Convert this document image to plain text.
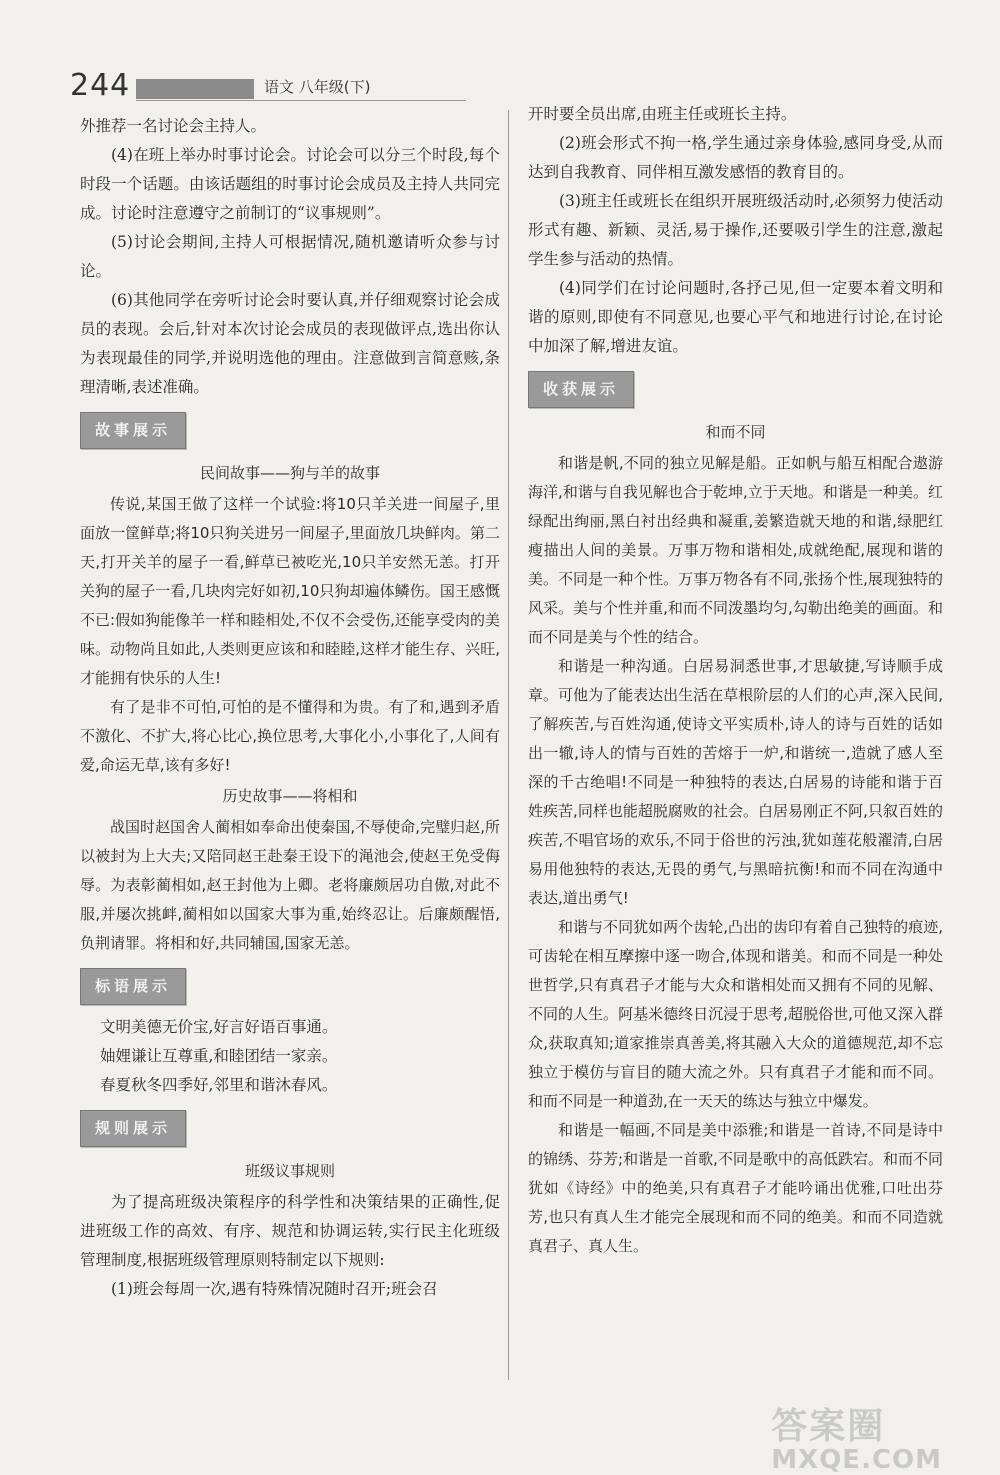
244	语文 八年级(下)

外推荐一名讨论会主持人。

(4)在班上举办时事讨论会。讨论会可以分三个时段,每个时段一个话题。由该话题组的时事讨论会成员及主持人共同完成。讨论时注意遵守之前制订的“议事规则”。

(5)讨论会期间,主持人可根据情况,随机邀请听众参与讨论。

(6)其他同学在旁听讨论会时要认真,并仔细观察讨论会成员的表现。会后,针对本次讨论会成员的表现做评点,选出你认为表现最佳的同学,并说明选他的理由。注意做到言简意赅,条理清晰,表述准确。

故事展示
民间故事——狗与羊的故事

传说,某国王做了这样一个试验:将10只羊关进一间屋子,里面放一筐鲜草;将10只狗关进另一间屋子,里面放几块鲜肉。第二天,打开关羊的屋子一看,鲜草已被吃光,10只羊安然无恙。打开关狗的屋子一看,几块肉完好如初,10只狗却遍体鳞伤。国王感慨不已:假如狗能像羊一样和睦相处,不仅不会受伤,还能享受肉的美味。动物尚且如此,人类则更应该和和睦睦,这样才能生存、兴旺,才能拥有快乐的人生!

有了是非不可怕,可怕的是不懂得和为贵。有了和,遇到矛盾不激化、不扩大,将心比心,换位思考,大事化小,小事化了,人间有爱,命运无草,该有多好!

历史故事——将相和

战国时赵国舍人蔺相如奉命出使秦国,不辱使命,完璧归赵,所以被封为上大夫;又陪同赵王赴秦王设下的渑池会,使赵王免受侮辱。为表彰蔺相如,赵王封他为上卿。老将廉颇居功自傲,对此不服,并屡次挑衅,蔺相如以国家大事为重,始终忍让。后廉颇醒悟,负荆请罪。将相和好,共同辅国,国家无恙。

标语展示

文明美德无价宝,好言好语百事通。

妯娌谦让互尊重,和睦团结一家亲。

春夏秋冬四季好,邻里和谐沐春风。

规则展示
班级议事规则

为了提高班级决策程序的科学性和决策结果的正确性,促进班级工作的高效、有序、规范和协调运转,实行民主化班级管理制度,根据班级管理原则特制定以下规则:

(1)班会每周一次,遇有特殊情况随时召开;班会召

开时要全员出席,由班主任或班长主持。

(2)班会形式不拘一格,学生通过亲身体验,感同身受,从而达到自我教育、同伴相互激发感悟的教育目的。

(3)班主任或班长在组织开展班级活动时,必须努力使活动形式有趣、新颖、灵活,易于操作,还要吸引学生的注意,激起学生参与活动的热情。

(4)同学们在讨论问题时,各抒己见,但一定要本着文明和谐的原则,即使有不同意见,也要心平气和地进行讨论,在讨论中加深了解,增进友谊。

收获展示
和而不同

和谐是帆,不同的独立见解是船。正如帆与船互相配合遨游海洋,和谐与自我见解也合于乾坤,立于天地。和谐是一种美。红绿配出绚丽,黑白衬出经典和凝重,姜繁造就天地的和谐,绿肥红瘦描出人间的美景。万事万物和谐相处,成就绝配,展现和谐的美。不同是一种个性。万事万物各有不同,张扬个性,展现独特的风采。美与个性并重,和而不同泼墨均匀,勾勒出绝美的画面。和而不同是美与个性的结合。

和谐是一种沟通。白居易洞悉世事,才思敏捷,写诗顺手成章。可他为了能表达出生活在草根阶层的人们的心声,深入民间,了解疾苦,与百姓沟通,使诗文平实质朴,诗人的诗与百姓的话如出一辙,诗人的情与百姓的苦熔于一炉,和谐统一,造就了感人至深的千古绝唱!不同是一种独特的表达,白居易的诗能和谐于百姓疾苦,同样也能超脱腐败的社会。白居易刚正不阿,只叙百姓的疾苦,不唱官场的欢乐,不同于俗世的污浊,犹如莲花般濯清,白居易用他独特的表达,无畏的勇气,与黑暗抗衡!和而不同在沟通中表达,道出勇气!

和谐与不同犹如两个齿轮,凸出的齿印有着自己独特的痕迹,可齿轮在相互摩擦中逐一吻合,体现和谐美。和而不同是一种处世哲学,只有真君子才能与大众和谐相处而又拥有不同的见解、不同的人生。阿基米德终日沉浸于思考,超脱俗世,可他又深入群众,获取真知;道家推崇真善美,将其融入大众的道德规范,却不忘独立于模仿与盲目的随大流之外。只有真君子才能和而不同。和而不同是一种道劲,在一天天的练达与独立中爆发。

和谐是一幅画,不同是美中添雅;和谐是一首诗,不同是诗中的锦绣、芬芳;和谐是一首歌,不同是歌中的高低跌宕。和而不同犹如《诗经》中的绝美,只有真君子才能吟诵出优雅,口吐出芬芳,也只有真人生才能完全展现和而不同的绝美。和而不同造就真君子、真人生。

答案圈
MXQE.COM
